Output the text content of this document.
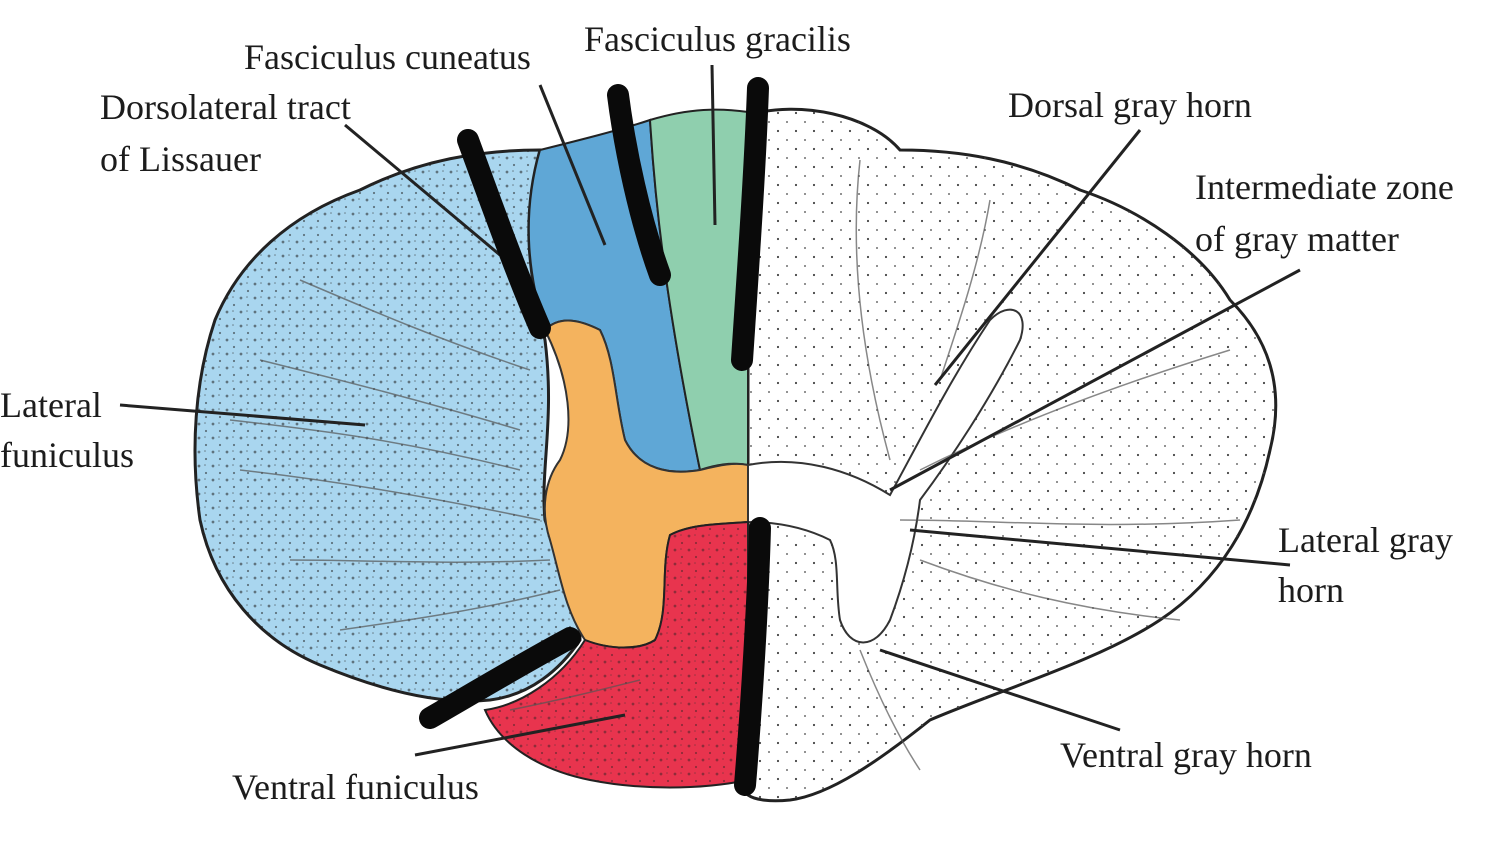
Fasciculus cuneatus Fasciculus gracilis
Dorsolateral tract
of Lissauer
Dorsal gray horn
Intermediate zone
of gray matter
Lateral
funiculus
Lateral gray
horn
Ventral gray horn
Ventral funiculus
